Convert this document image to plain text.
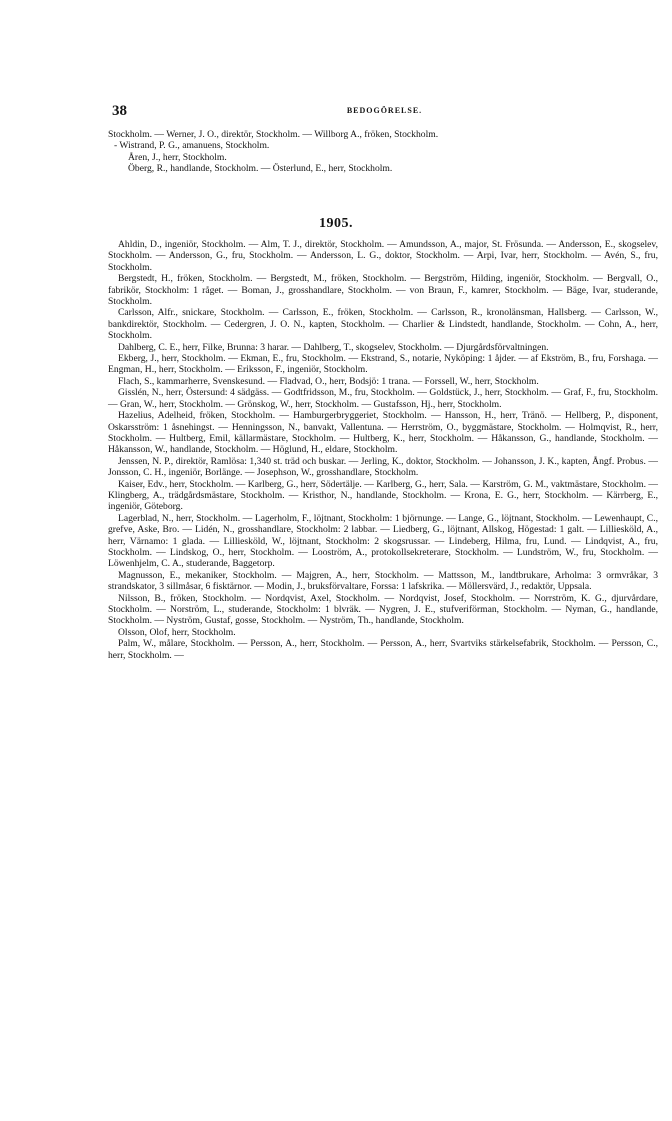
38	BEDOGÖRELSE.

Stockholm. — Werner, J. O., direktör, Stockholm. — Willborg A., fröken, Stockholm.

- Wistrand, P. G., amanuens, Stockholm.

Åren, J., herr, Stockholm.

Öberg, R., handlande, Stockholm. — Österlund, E., herr, Stockholm.

1905.

Ahldin, D., ingeniör, Stockholm. — Alm, T. J., direktör, Stockholm. — Amundsson, A., major, St. Frösunda. — Andersson, E., skogselev, Stockholm. — Andersson, G., fru, Stockholm. — Andersson, L. G., doktor, Stockholm. — Arpi, Ivar, herr, Stockholm. — Avén, S., fru, Stockholm.

Bergstedt, H., fröken, Stockholm. — Bergstedt, M., fröken, Stockholm. — Bergström, Hilding, ingeniör, Stockholm. — Bergvall, O., fabrikör, Stockholm: 1 råget. — Boman, J., grosshandlare, Stockholm. — von Braun, F., kamrer, Stockholm. — Bäge, Ivar, studerande, Stockholm.

Carlsson, Alfr., snickare, Stockholm. — Carlsson, E., fröken, Stockholm. — Carlsson, R., kronolänsman, Hallsberg. — Carlsson, W., bankdirektör, Stockholm. — Cedergren, J. O. N., kapten, Stockholm. — Charlier & Lindstedt, handlande, Stockholm. — Cohn, A., herr, Stockholm.

Dahlberg, C. E., herr, Filke, Brunna: 3 harar. — Dahlberg, T., skogselev, Stockholm. — Djurgårdsförvaltningen.

Ekberg, J., herr, Stockholm. — Ekman, E., fru, Stockholm. — Ekstrand, S., notarie, Nyköping: 1 åjder. — af Ekström, B., fru, Forshaga. — Engman, H., herr, Stockholm. — Eriksson, F., ingeniör, Stockholm.

Flach, S., kammarherre, Svenskesund. — Fladvad, O., herr, Bodsjö: 1 trana. — Forssell, W., herr, Stockholm.

Gisslén, N., herr, Östersund: 4 sädgäss. — Godtfridsson, M., fru, Stockholm. — Goldstück, J., herr, Stockholm. — Graf, F., fru, Stockholm. — Gran, W., herr, Stockholm. — Grönskog, W., herr, Stockholm. — Gustafsson, Hj., herr, Stockholm.

Hazelius, Adelheid, fröken, Stockholm. — Hamburgerbryggeriet, Stockholm. — Hansson, H., herr, Tränö. — Hellberg, P., disponent, Oskarsström: 1 åsnehingst. — Henningsson, N., banvakt, Vallentuna. — Herrström, O., byggmästare, Stockholm. — Holmqvist, R., herr, Stockholm. — Hultberg, Emil, källarmästare, Stockholm. — Hultberg, K., herr, Stockholm. — Håkansson, G., handlande, Stockholm. — Håkansson, W., handlande, Stockholm. — Höglund, H., eldare, Stockholm.

Jenssen, N. P., direktör, Ramlösa: 1,340 st. träd och buskar. — Jerling, K., doktor, Stockholm. — Johansson, J. K., kapten, Ångf. Probus. — Jonsson, C. H., ingeniör, Borlänge. — Josephson, W., grosshandlare, Stockholm.

Kaiser, Edv., herr, Stockholm. — Karlberg, G., herr, Södertälje. — Karlberg, G., herr, Sala. — Karström, G. M., vaktmästare, Stockholm. — Klingberg, A., trädgårdsmästare, Stockholm. — Kristhor, N., handlande, Stockholm. — Krona, E. G., herr, Stockholm. — Kärrberg, E., ingeniör, Göteborg.

Lagerblad, N., herr, Stockholm. — Lagerholm, F., löjtnant, Stockholm: 1 björnunge. — Lange, G., löjtnant, Stockholm. — Lewenhaupt, C., grefve, Aske, Bro. — Lidén, N., grosshandlare, Stockholm: 2 labbar. — Liedberg, G., löjtnant, Allskog, Högestad: 1 galt. — Lilliesköld, A., herr, Värnamo: 1 glada. — Lilliesköld, W., löjtnant, Stockholm: 2 skogsrussar. — Lindeberg, Hilma, fru, Lund. — Lindqvist, A., fru, Stockholm. — Lindskog, O., herr, Stockholm. — Looström, A., protokollsekreterare, Stockholm. — Lundström, W., fru, Stockholm. — Löwenhjelm, C. A., studerande, Baggetorp.

Magnusson, E., mekaniker, Stockholm. — Majgren, A., herr, Stockholm. — Mattsson, M., landtbrukare, Arholma: 3 ormvråkar, 3 strandskator, 3 sillmåsar, 6 fisktärnor. — Modin, J., bruksförvaltare, Forssa: 1 lafskrika. — Möllersvärd, J., redaktör, Uppsala.

Nilsson, B., fröken, Stockholm. — Nordqvist, Axel, Stockholm. — Nordqvist, Josef, Stockholm. — Norrström, K. G., djurvårdare, Stockholm. — Norström, L., studerande, Stockholm: 1 blvräk. — Nygren, J. E., stufveriförman, Stockholm. — Nyman, G., handlande, Stockholm. — Nyström, Gustaf, gosse, Stockholm. — Nyström, Th., handlande, Stockholm.

Olsson, Olof, herr, Stockholm.

Palm, W., målare, Stockholm. — Persson, A., herr, Stockholm. — Persson, A., herr, Svartviks stärkelsefabrik, Stockholm. — Persson, C., herr, Stockholm. —
